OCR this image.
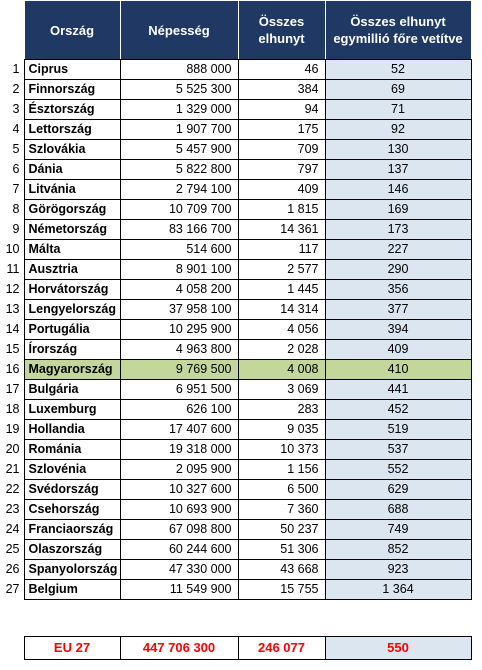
	Ország	Népesség	Összes elhunyt	Összes elhunyt egymillió főre vetítve
1	Ciprus	888 000	46	52
2	Finnország	5 525 300	384	69
3	Észtország	1 329 000	94	71
4	Lettország	1 907 700	175	92
5	Szlovákia	5 457 900	709	130
6	Dánia	5 822 800	797	137
7	Litvánia	2 794 100	409	146
8	Görögország	10 709 700	1 815	169
9	Németország	83 166 700	14 361	173
10	Málta	514 600	117	227
11	Ausztria	8 901 100	2 577	290
12	Horvátország	4 058 200	1 445	356
13	Lengyelország	37 958 100	14 314	377
14	Portugália	10 295 900	4 056	394
15	Írország	4 963 800	2 028	409
16	Magyarország	9 769 500	4 008	410
17	Bulgária	6 951 500	3 069	441
18	Luxemburg	626 100	283	452
19	Hollandia	17 407 600	9 035	519
20	Románia	19 318 000	10 373	537
21	Szlovénia	2 095 900	1 156	552
22	Svédország	10 327 600	6 500	629
23	Csehország	10 693 900	7 360	688
24	Franciaország	67 098 800	50 237	749
25	Olaszország	60 244 600	51 306	852
26	Spanyolország	47 330 000	43 668	923
27	Belgium	11 549 900	15 755	1 364
	EU 27	447 706 300	246 077	550
